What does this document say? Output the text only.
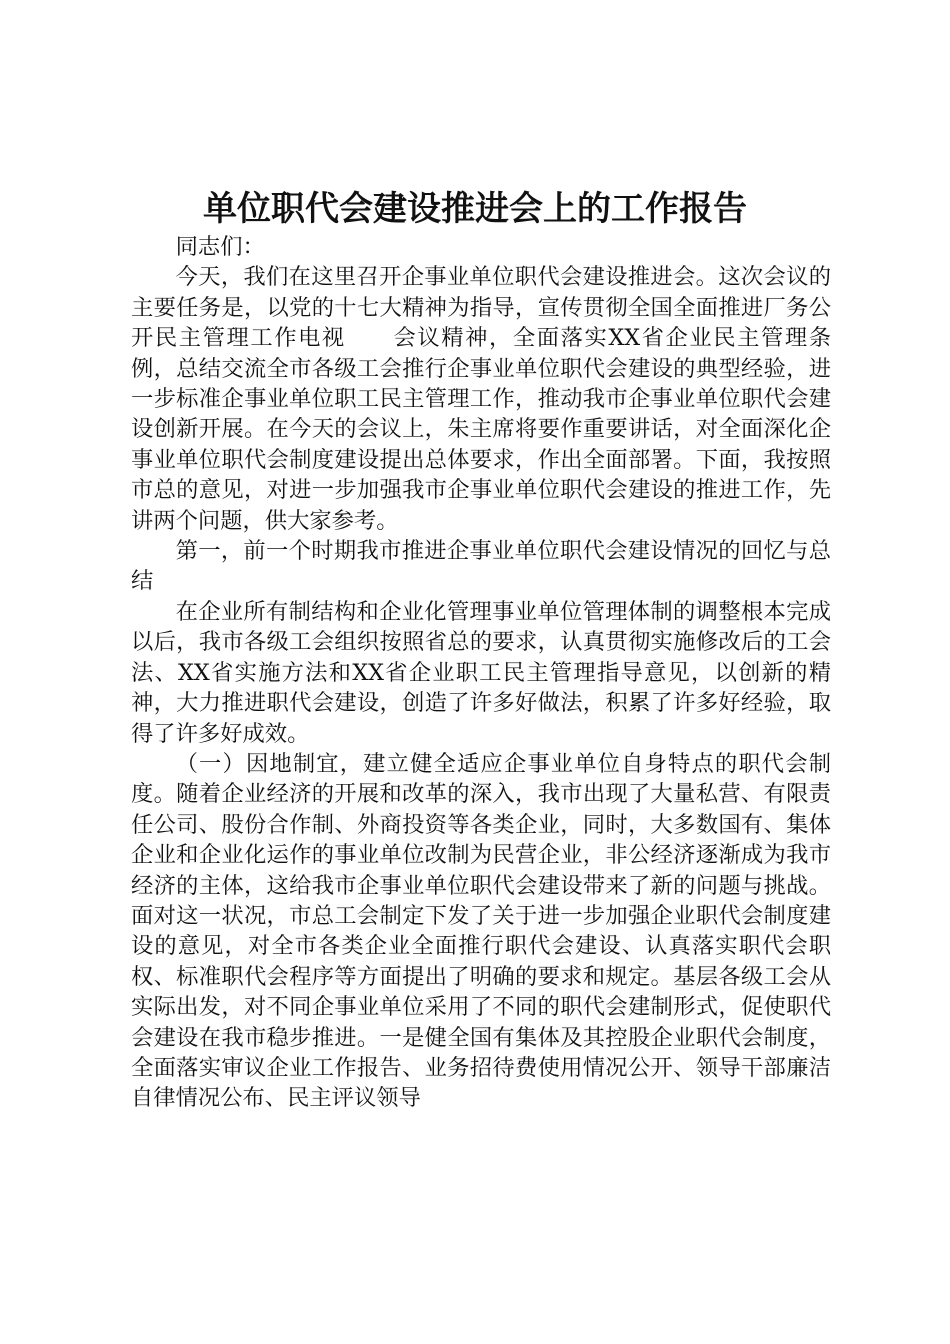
单位职代会建设推进会上的工作报告

同志们：

今天，我们在这里召开企事业单位职代会建设推进会。这次会议的主要任务是，以党的十七大精神为指导，宣传贯彻全国全面推进厂务公开民主管理工作电视　　会议精神，全面落实XX省企业民主管理条例，总结交流全市各级工会推行企事业单位职代会建设的典型经验，进一步标准企事业单位职工民主管理工作，推动我市企事业单位职代会建设创新开展。在今天的会议上，朱主席将要作重要讲话，对全面深化企事业单位职代会制度建设提出总体要求，作出全面部署。下面，我按照市总的意见，对进一步加强我市企事业单位职代会建设的推进工作，先讲两个问题，供大家参考。

第一，前一个时期我市推进企事业单位职代会建设情况的回忆与总结

在企业所有制结构和企业化管理事业单位管理体制的调整根本完成以后，我市各级工会组织按照省总的要求，认真贯彻实施修改后的工会法、XX省实施方法和XX省企业职工民主管理指导意见，以创新的精神，大力推进职代会建设，创造了许多好做法，积累了许多好经验，取得了许多好成效。

（一）因地制宜，建立健全适应企事业单位自身特点的职代会制度。随着企业经济的开展和改革的深入，我市出现了大量私营、有限责任公司、股份合作制、外商投资等各类企业，同时，大多数国有、集体企业和企业化运作的事业单位改制为民营企业，非公经济逐渐成为我市经济的主体，这给我市企事业单位职代会建设带来了新的问题与挑战。面对这一状况，市总工会制定下发了关于进一步加强企业职代会制度建设的意见，对全市各类企业全面推行职代会建设、认真落实职代会职权、标准职代会程序等方面提出了明确的要求和规定。基层各级工会从实际出发，对不同企事业单位采用了不同的职代会建制形式，促使职代会建设在我市稳步推进。一是健全国有集体及其控股企业职代会制度，全面落实审议企业工作报告、业务招待费使用情况公开、领导干部廉洁自律情况公布、民主评议领导
